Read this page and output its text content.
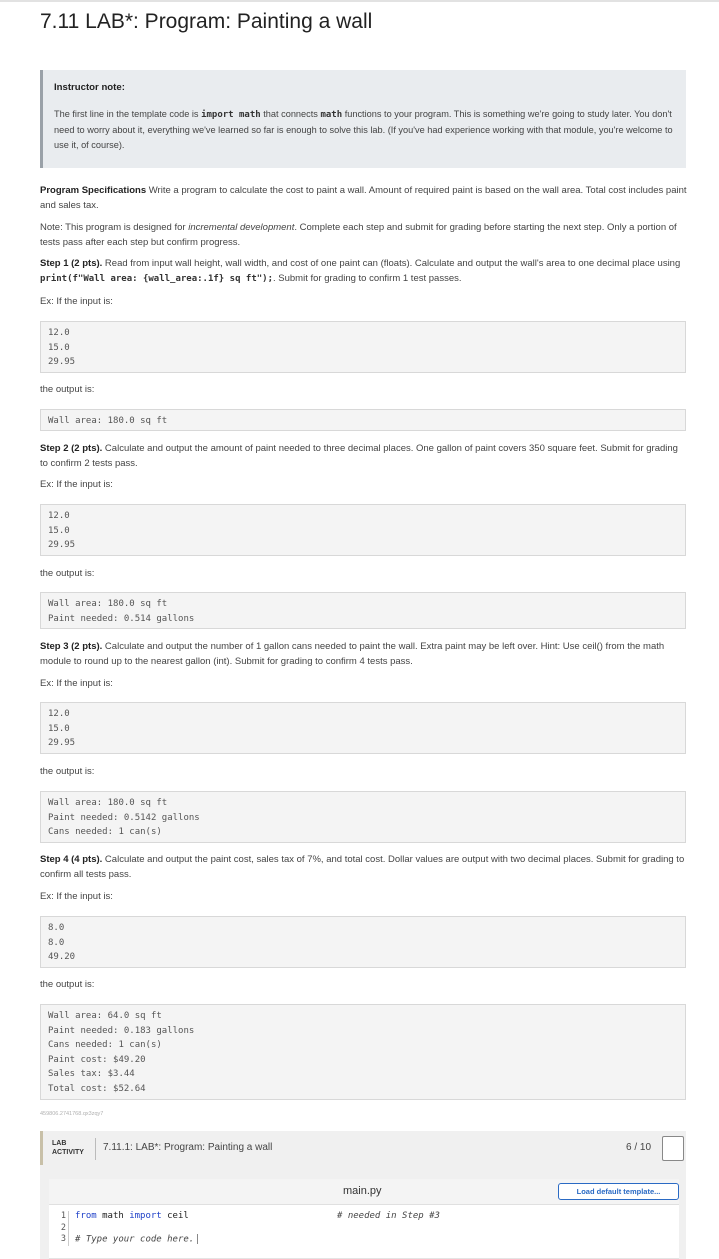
7.11 LAB*: Program: Painting a wall
Instructor note:
The first line in the template code is import math that connects math functions to your program. This is something we're going to study later. You don't need to worry about it, everything we've learned so far is enough to solve this lab. (If you've had experience working with that module, you're welcome to use it, of course).
Program Specifications Write a program to calculate the cost to paint a wall. Amount of required paint is based on the wall area. Total cost includes paint and sales tax.
Note: This program is designed for incremental development. Complete each step and submit for grading before starting the next step. Only a portion of tests pass after each step but confirm progress.
Step 1 (2 pts). Read from input wall height, wall width, and cost of one paint can (floats). Calculate and output the wall's area to one decimal place using print(f"Wall area: {wall_area:.1f} sq ft");. Submit for grading to confirm 1 test passes.
Ex: If the input is:
12.0
15.0
29.95
the output is:
Wall area: 180.0 sq ft
Step 2 (2 pts). Calculate and output the amount of paint needed to three decimal places. One gallon of paint covers 350 square feet. Submit for grading to confirm 2 tests pass.
Ex: If the input is:
12.0
15.0
29.95
the output is:
Wall area: 180.0 sq ft
Paint needed: 0.514 gallons
Step 3 (2 pts). Calculate and output the number of 1 gallon cans needed to paint the wall. Extra paint may be left over. Hint: Use ceil() from the math module to round up to the nearest gallon (int). Submit for grading to confirm 4 tests pass.
Ex: If the input is:
12.0
15.0
29.95
the output is:
Wall area: 180.0 sq ft
Paint needed: 0.5142 gallons
Cans needed: 1 can(s)
Step 4 (4 pts). Calculate and output the paint cost, sales tax of 7%, and total cost. Dollar values are output with two decimal places. Submit for grading to confirm all tests pass.
Ex: If the input is:
8.0
8.0
49.20
the output is:
Wall area: 64.0 sq ft
Paint needed: 0.183 gallons
Cans needed: 1 can(s)
Paint cost: $49.20
Sales tax: $3.44
Total cost: $52.64
459806.2741768.qx3zqy7
LAB
ACTIVITY 7.11.1: LAB*: Program: Painting a wall	6 / 10
main.py	Load default template...
1
2
3
from math import ceil	# needed in Step #3
# Type your code here.
